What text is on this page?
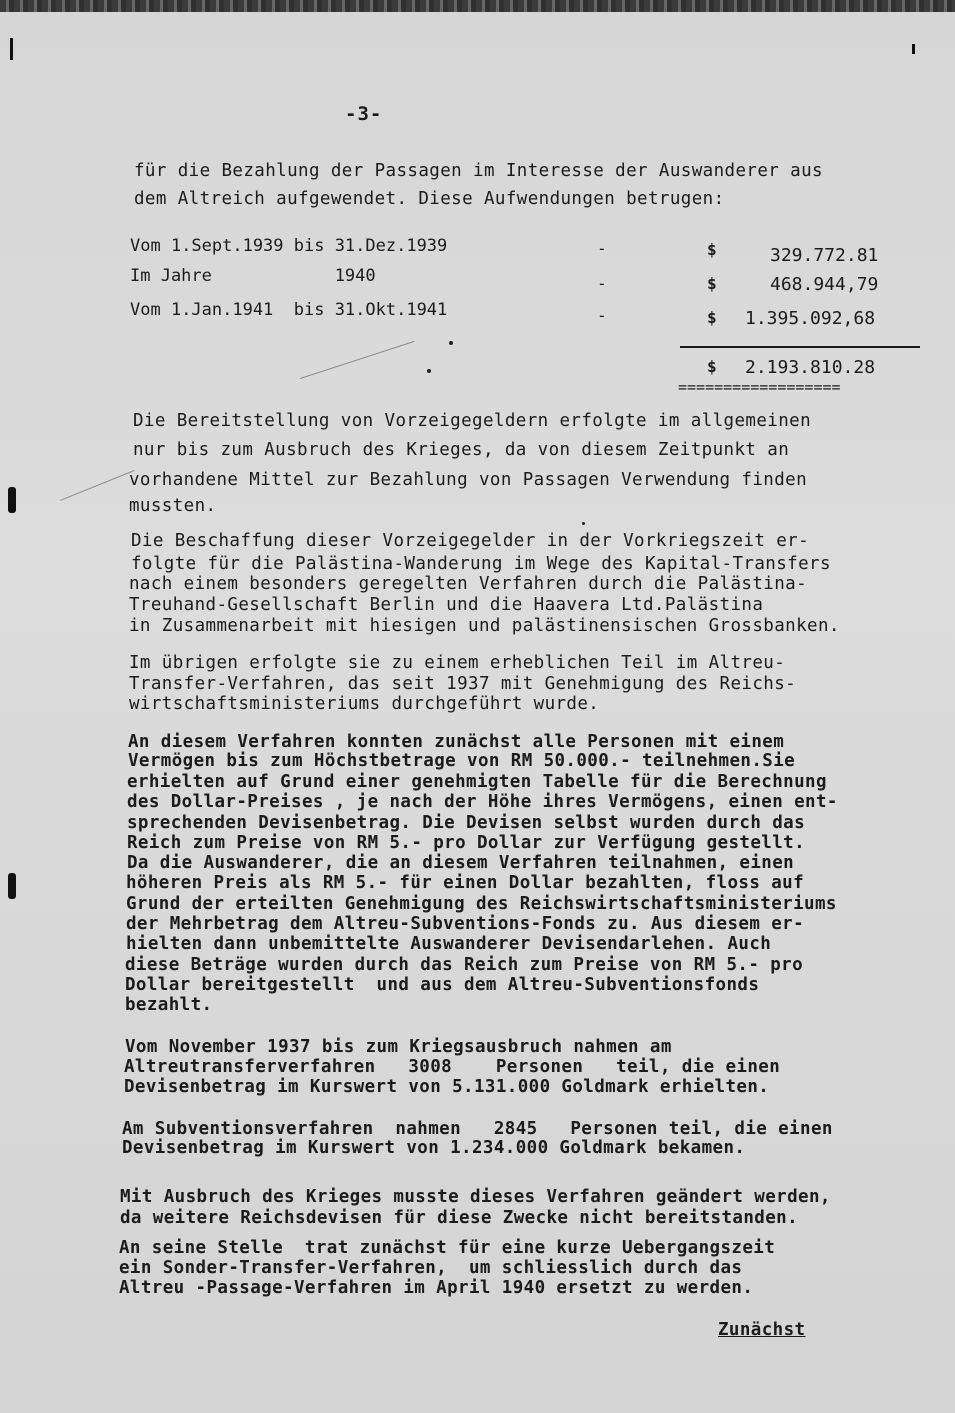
-3-
für die Bezahlung der Passagen im Interesse der Auswanderer aus
dem Altreich aufgewendet. Diese Aufwendungen betrugen:
Vom 1.Sept.1939 bis 31.Dez.1939	-	$	329.772.81
Im Jahre            1940	-	$	468.944,79
Vom 1.Jan.1941  bis 31.Okt.1941	-	$ 1.395.092,68
$ 2.193.810.28
==================
Die Bereitstellung von Vorzeigegeldern erfolgte im allgemeinen
nur bis zum Ausbruch des Krieges, da von diesem Zeitpunkt an
vorhandene Mittel zur Bezahlung von Passagen Verwendung finden
mussten.
Die Beschaffung dieser Vorzeigegelder in der Vorkriegszeit er-
folgte für die Palästina-Wanderung im Wege des Kapital-Transfers
nach einem besonders geregelten Verfahren durch die Palästina-
Treuhand-Gesellschaft Berlin und die Haavera Ltd.Palästina
in Zusammenarbeit mit hiesigen und palästinensischen Grossbanken.
Im übrigen erfolgte sie zu einem erheblichen Teil im Altreu-
Transfer-Verfahren, das seit 1937 mit Genehmigung des Reichs-
wirtschaftsministeriums durchgeführt wurde.
An diesem Verfahren konnten zunächst alle Personen mit einem
Vermögen bis zum Höchstbetrage von RM 50.000.- teilnehmen.Sie
erhielten auf Grund einer genehmigten Tabelle für die Berechnung
des Dollar-Preises , je nach der Höhe ihres Vermögens, einen ent-
sprechenden Devisenbetrag. Die Devisen selbst wurden durch das
Reich zum Preise von RM 5.- pro Dollar zur Verfügung gestellt.
Da die Auswanderer, die an diesem Verfahren teilnahmen, einen
höheren Preis als RM 5.- für einen Dollar bezahlten, floss auf
Grund der erteilten Genehmigung des Reichswirtschaftsministeriums
der Mehrbetrag dem Altreu-Subventions-Fonds zu. Aus diesem er-
hielten dann unbemittelte Auswanderer Devisendarlehen. Auch
diese Beträge wurden durch das Reich zum Preise von RM 5.- pro
Dollar bereitgestellt  und aus dem Altreu-Subventionsfonds
bezahlt.
Vom November 1937 bis zum Kriegsausbruch nahmen am
Altreutransferverfahren   3008    Personen   teil, die einen
Devisenbetrag im Kurswert von 5.131.000 Goldmark erhielten.
Am Subventionsverfahren  nahmen   2845   Personen teil, die einen
Devisenbetrag im Kurswert von 1.234.000 Goldmark bekamen.
Mit Ausbruch des Krieges musste dieses Verfahren geändert werden,
da weitere Reichsdevisen für diese Zwecke nicht bereitstanden.
An seine Stelle  trat zunächst für eine kurze Uebergangszeit
ein Sonder-Transfer-Verfahren,  um schliesslich durch das
Altreu -Passage-Verfahren im April 1940 ersetzt zu werden.
Zunächst
